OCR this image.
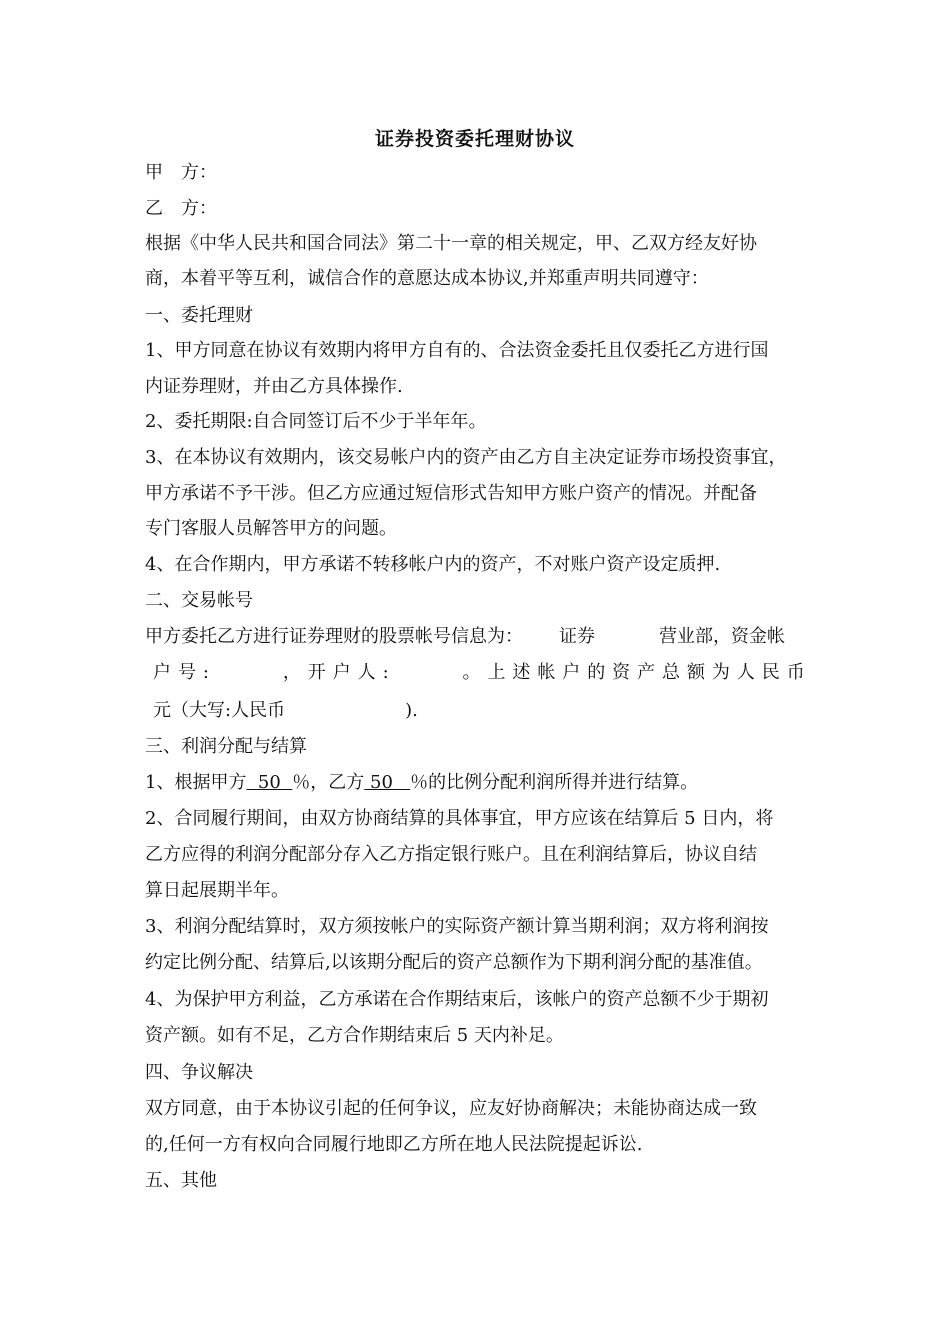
证券投资委托理财协议
甲　方：
乙　方：
根据《中华人民共和国合同法》第二十一章的相关规定，甲、乙双方经友好协
商，本着平等互利，诚信合作的意愿达成本协议,并郑重声明共同遵守：
一、委托理财
1、甲方同意在协议有效期内将甲方自有的、合法资金委托且仅委托乙方进行国
内证券理财，并由乙方具体操作.
2、委托期限:自合同签订后不少于半年年。
3、在本协议有效期内，该交易帐户内的资产由乙方自主决定证券市场投资事宜，
甲方承诺不予干涉。但乙方应通过短信形式告知甲方账户资产的情况。并配备
专门客服人员解答甲方的问题。
4、在合作期内，甲方承诺不转移帐户内的资产，不对账户资产设定质押.
二、交易帐号
甲方委托乙方进行证券理财的股票帐号信息为： 证券	营业部，资金帐
户 号 :	， 开 户 人 :	。 上 述 帐 户 的 资 产 总 额 为 人 民 币
元（大写:人民币	).
三、利润分配与结算
1、根据甲方 50 ％，乙方 50 ％的比例分配利润所得并进行结算。
2、合同履行期间，由双方协商结算的具体事宜，甲方应该在结算后 5 日内，将
乙方应得的利润分配部分存入乙方指定银行账户。且在利润结算后，协议自结
算日起展期半年。
3、利润分配结算时，双方须按帐户的实际资产额计算当期利润；双方将利润按
约定比例分配、结算后,以该期分配后的资产总额作为下期利润分配的基准值。
4、为保护甲方利益，乙方承诺在合作期结束后，该帐户的资产总额不少于期初
资产额。如有不足，乙方合作期结束后 5 天内补足。
四、争议解决
双方同意，由于本协议引起的任何争议，应友好协商解决；未能协商达成一致
的,任何一方有权向合同履行地即乙方所在地人民法院提起诉讼.
五、其他
